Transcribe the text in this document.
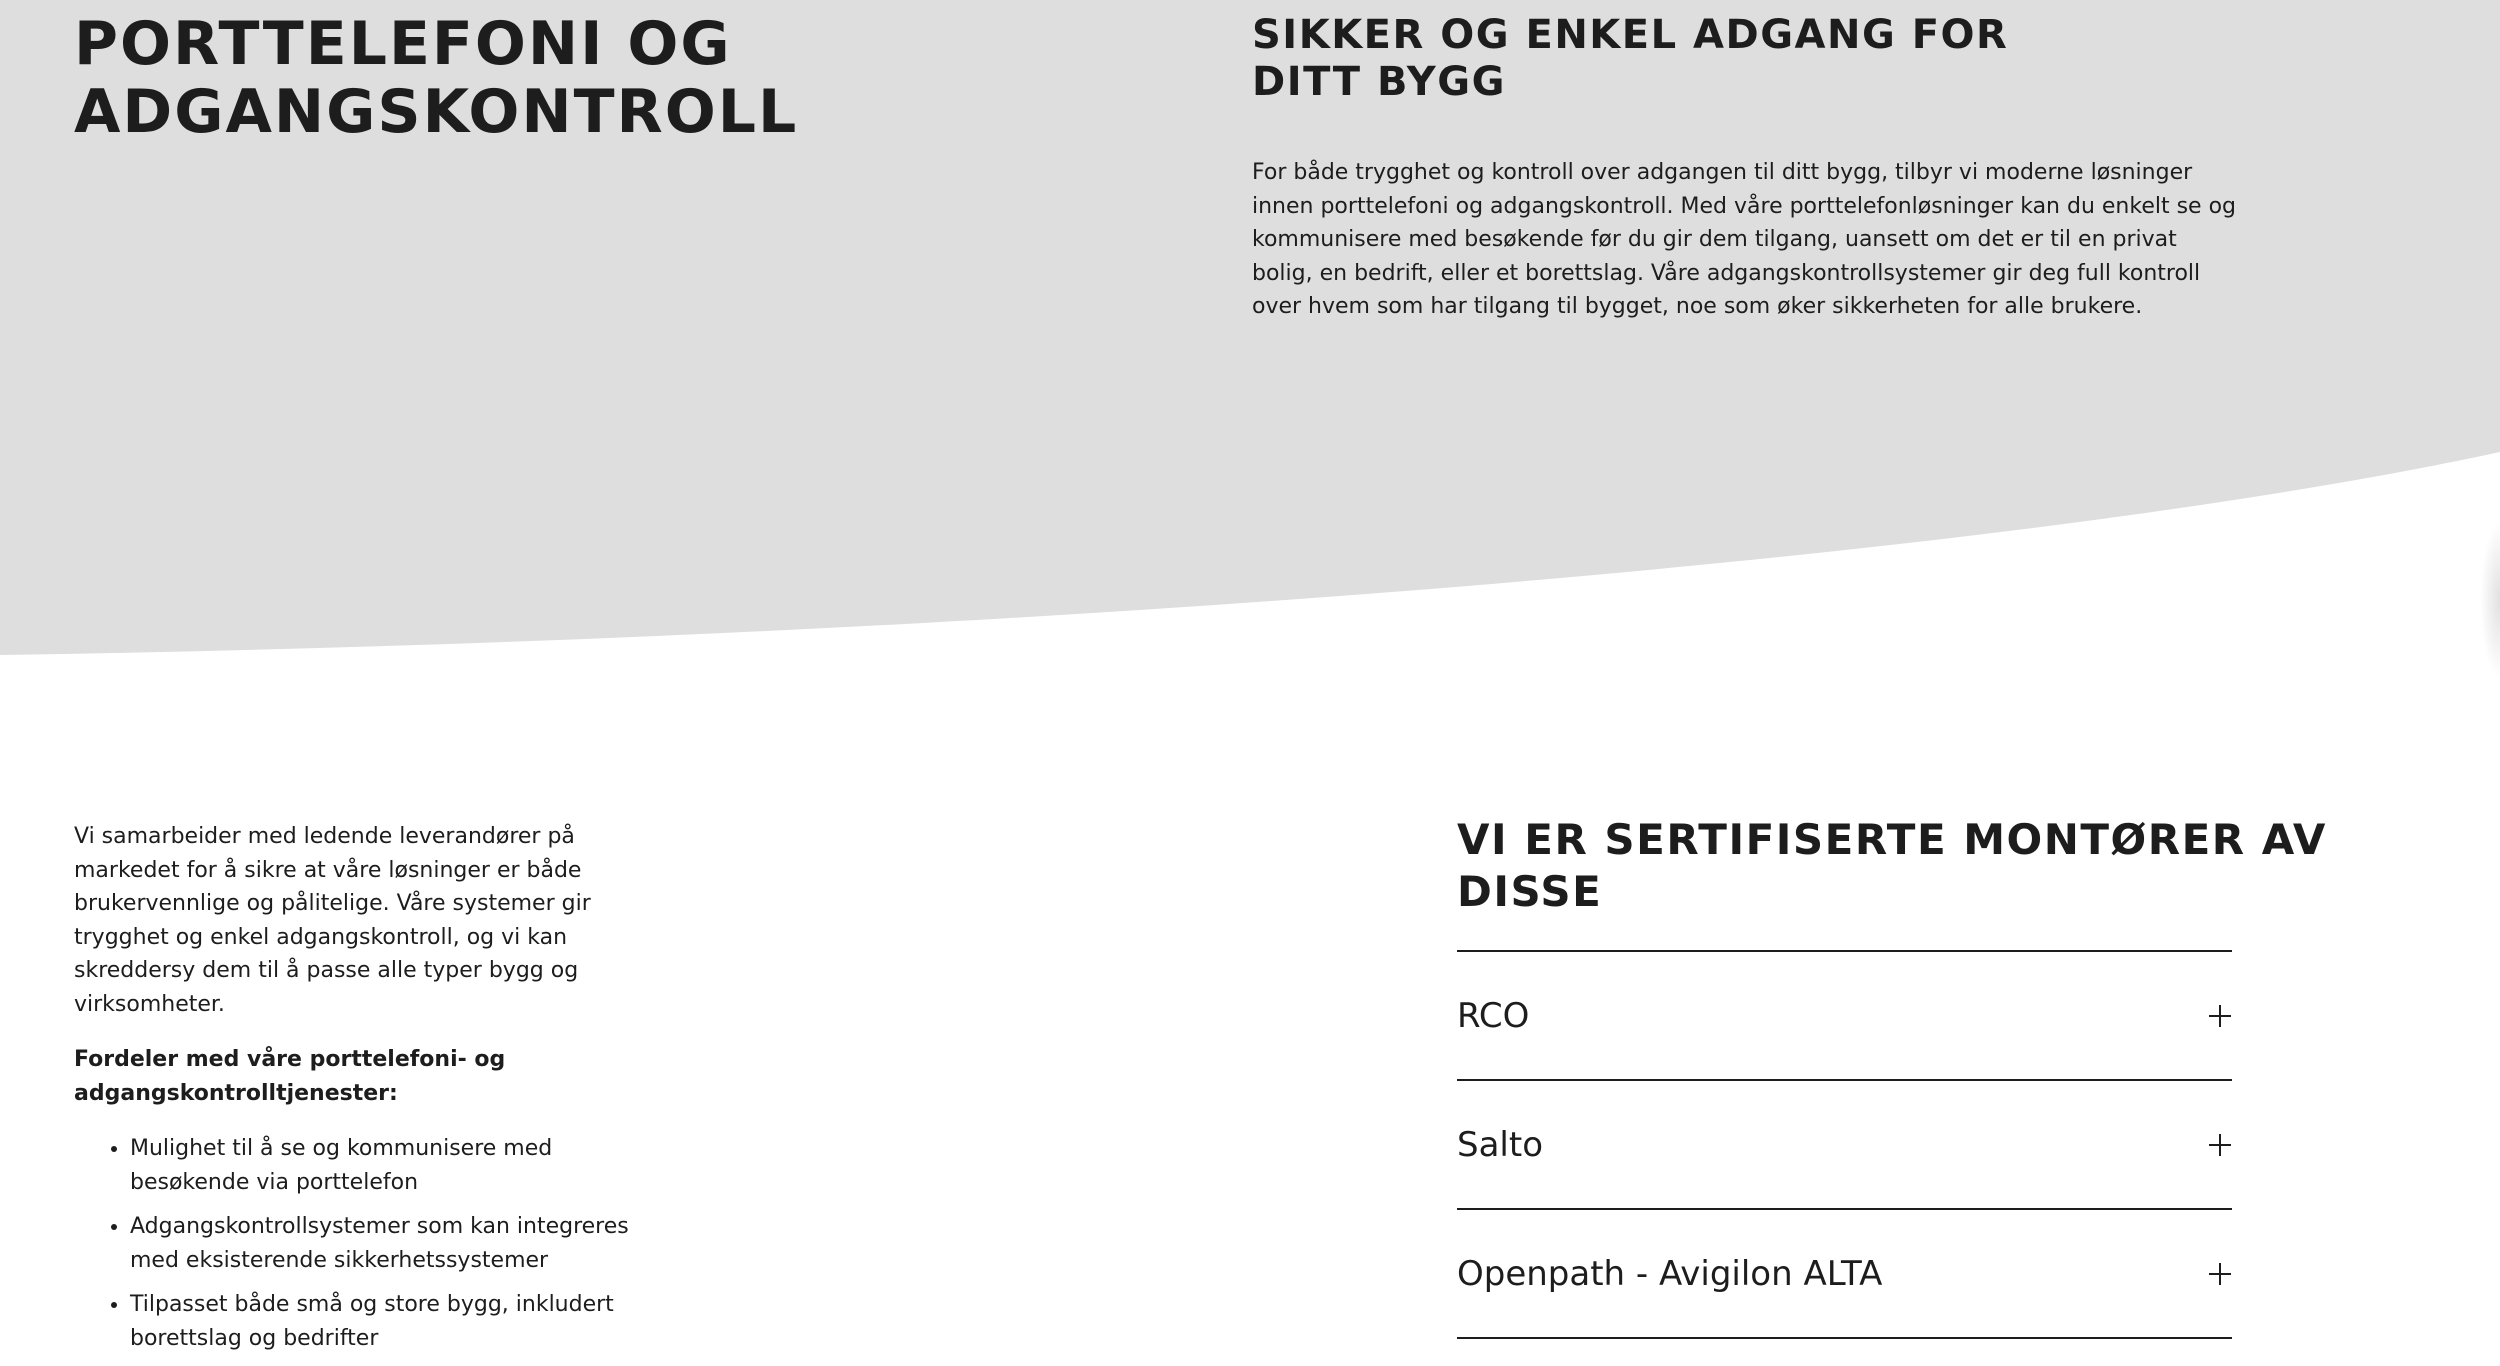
PORTTELEFONI OG ADGANGSKONTROLL
SIKKER OG ENKEL ADGANG FOR DITT BYGG

For både trygghet og kontroll over adgangen til ditt bygg, tilbyr vi moderne løsninger innen porttelefoni og adgangskontroll. Med våre porttelefonløsninger kan du enkelt se og kommunisere med besøkende før du gir dem tilgang, uansett om det er til en privat bolig, en bedrift, eller et borettslag. Våre adgangskontrollsystemer gir deg full kontroll over hvem som har tilgang til bygget, noe som øker sikkerheten for alle brukere.

Vi samarbeider med ledende leverandører på markedet for å sikre at våre løsninger er både brukervennlige og pålitelige. Våre systemer gir trygghet og enkel adgangskontroll, og vi kan skreddersy dem til å passe alle typer bygg og virksomheter.

Fordeler med våre porttelefoni- og adgangskontrolltjenester:

• Mulighet til å se og kommunisere med besøkende via porttelefon
• Adgangskontrollsystemer som kan integreres med eksisterende sikkerhetssystemer
• Tilpasset både små og store bygg, inkludert borettslag og bedrifter
VI ER SERTIFISERTE MONTØRER AV DISSE
RCO
Salto
Openpath - Avigilon ALTA
